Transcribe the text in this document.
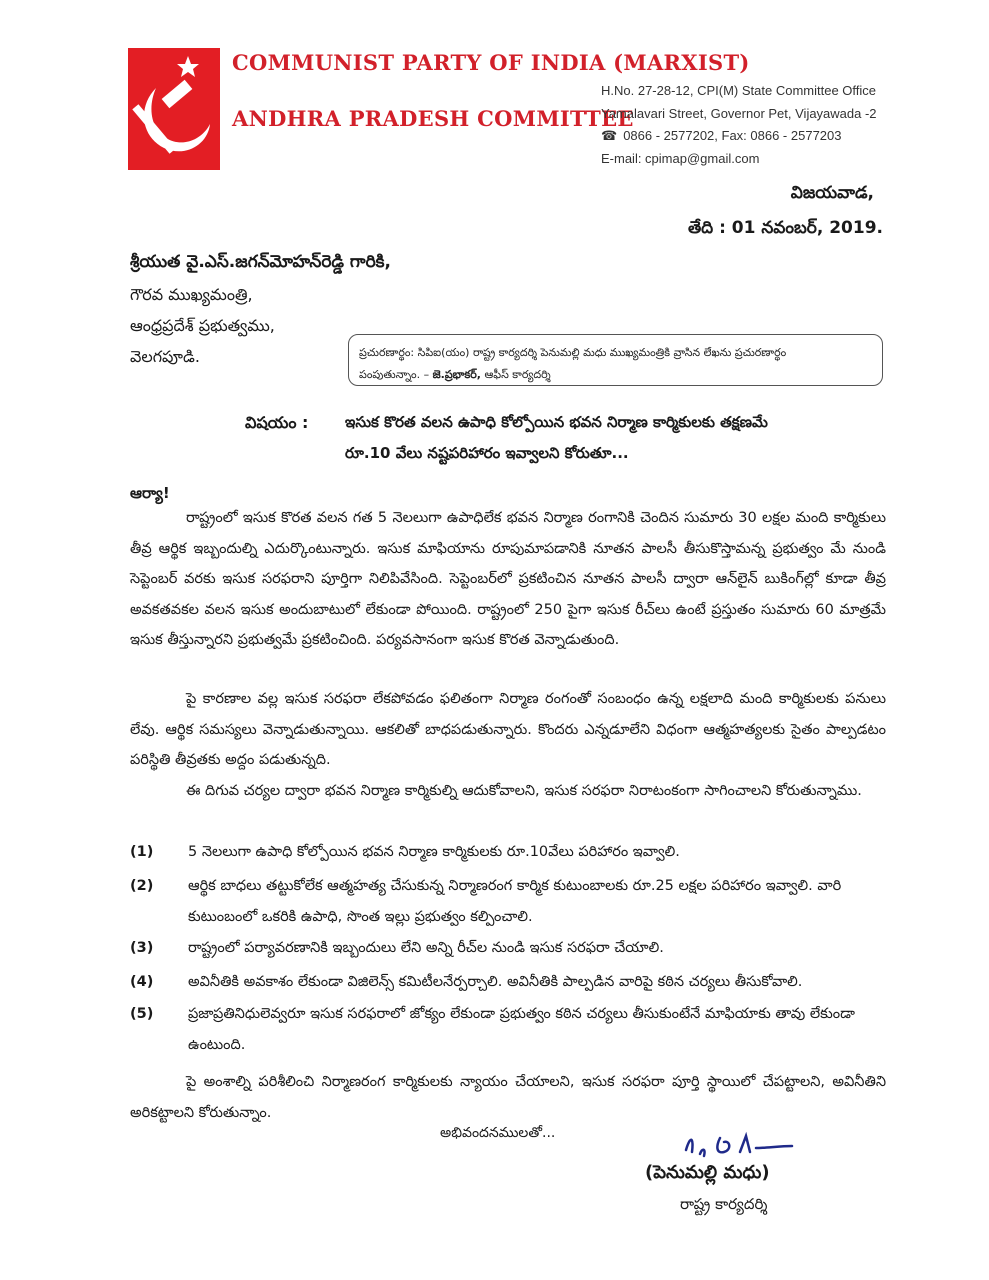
COMMUNIST PARTY OF INDIA (MARXIST)
ANDHRA PRADESH COMMITTEE
H.No. 27-28-12, CPI(M) State Committee Office
Yamalavari Street, Governor Pet, Vijayawada -2
☎ 0866 - 2577202, Fax: 0866 - 2577203
E-mail: cpimap@gmail.com
విజయవాడ,
తేది : 01 నవంబర్, 2019.
శ్రీయుత వై.ఎస్.జగన్‌మోహన్‌రెడ్డి గారికి,
గౌరవ ముఖ్యమంత్రి,
ఆంధ్రప్రదేశ్ ప్రభుత్వము,
వెలగపూడి.	ప్రచురణార్థం: సిపిఐ(యం) రాష్ట్ర కార్యదర్శి పెనుమల్లి మధు ముఖ్యమంత్రికి వ్రాసిన లేఖను ప్రచురణార్థం
పంపుతున్నాం. – జె.ప్రభాకర్, ఆఫీస్ కార్యదర్శి
విషయం : ఇసుక కొరత వలన ఉపాధి కోల్పోయిన భవన నిర్మాణ కార్మికులకు తక్షణమే
రూ.10 వేలు నష్టపరిహారం ఇవ్వాలని కోరుతూ...
ఆర్యా!
రాష్ట్రంలో ఇసుక కొరత వలన గత 5 నెలలుగా ఉపాధిలేక భవన నిర్మాణ రంగానికి చెందిన సుమారు 30 లక్షల మంది కార్మికులు తీవ్ర ఆర్థిక ఇబ్బందుల్ని ఎదుర్కొంటున్నారు. ఇసుక మాఫియాను రూపుమాపడానికి నూతన పాలసీ తీసుకొస్తామన్న ప్రభుత్వం మే నుండి సెప్టెంబర్ వరకు ఇసుక సరఫరాని పూర్తిగా నిలిపివేసింది. సెప్టెంబర్‌లో ప్రకటించిన నూతన పాలసీ ద్వారా ఆన్‌లైన్ బుకింగ్‌ల్లో కూడా తీవ్ర అవకతవకల వలన ఇసుక అందుబాటులో లేకుండా పోయింది. రాష్ట్రంలో 250 పైగా ఇసుక రీచ్‌లు ఉంటే ప్రస్తుతం సుమారు 60 మాత్రమే ఇసుక తీస్తున్నారని ప్రభుత్వమే ప్రకటించింది. పర్యవసానంగా ఇసుక కొరత వెన్నాడుతుంది.
పై కారణాల వల్ల ఇసుక సరఫరా లేకపోవడం ఫలితంగా నిర్మాణ రంగంతో సంబంధం ఉన్న లక్షలాది మంది కార్మికులకు పనులు లేవు. ఆర్థిక సమస్యలు వెన్నాడుతున్నాయి. ఆకలితో బాధపడుతున్నారు. కొందరు ఎన్నడూలేని విధంగా ఆత్మహత్యలకు సైతం పాల్పడటం పరిస్థితి తీవ్రతకు అద్దం పడుతున్నది.
ఈ దిగువ చర్యల ద్వారా భవన నిర్మాణ కార్మికుల్ని ఆదుకోవాలని, ఇసుక సరఫరా నిరాటంకంగా సాగించాలని కోరుతున్నాము.
(1) 5 నెలలుగా ఉపాధి కోల్పోయిన భవన నిర్మాణ కార్మికులకు రూ.10వేలు పరిహారం ఇవ్వాలి.
(2) ఆర్థిక బాధలు తట్టుకోలేక ఆత్మహత్య చేసుకున్న నిర్మాణరంగ కార్మిక కుటుంబాలకు రూ.25 లక్షల పరిహారం ఇవ్వాలి. వారి కుటుంబంలో ఒకరికి ఉపాధి, సొంత ఇల్లు ప్రభుత్వం కల్పించాలి.
(3) రాష్ట్రంలో పర్యావరణానికి ఇబ్బందులు లేని అన్ని రీచ్‌ల నుండి ఇసుక సరఫరా చేయాలి.
(4) అవినీతికి అవకాశం లేకుండా విజిలెన్స్ కమిటీలనేర్పర్చాలి. అవినీతికి పాల్పడిన వారిపై కఠిన చర్యలు తీసుకోవాలి.
(5) ప్రజాప్రతినిధులెవ్వరూ ఇసుక సరఫరాలో జోక్యం లేకుండా ప్రభుత్వం కఠిన చర్యలు తీసుకుంటేనే మాఫియాకు తావు లేకుండా ఉంటుంది.
పై అంశాల్ని పరిశీలించి నిర్మాణరంగ కార్మికులకు న్యాయం చేయాలని, ఇసుక సరఫరా పూర్తి స్థాయిలో చేపట్టాలని, అవినీతిని అరికట్టాలని కోరుతున్నాం.
అభివందనములతో...
(పెనుమల్లి మధు)
రాష్ట్ర కార్యదర్శి
